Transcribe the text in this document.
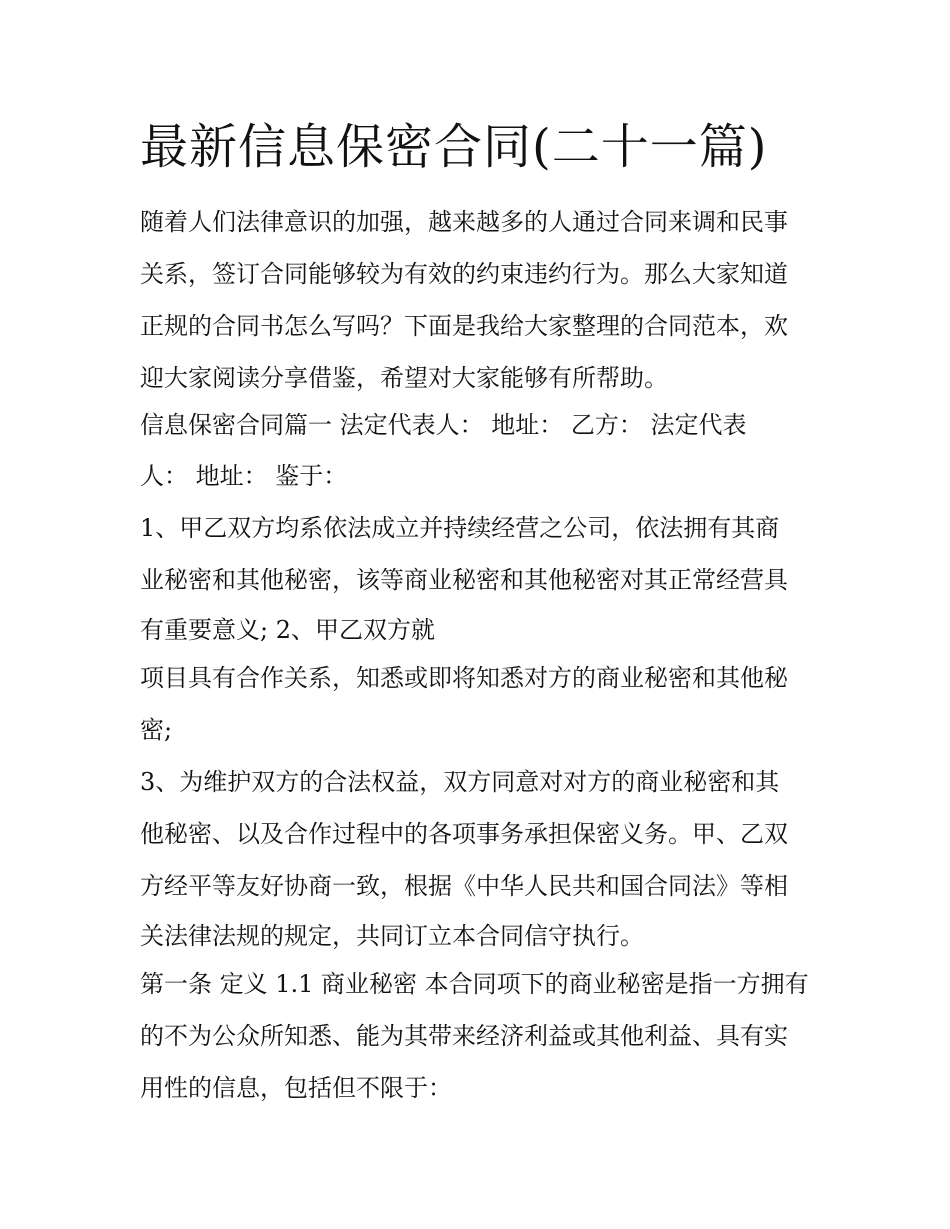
最新信息保密合同(二十一篇)

随着人们法律意识的加强，越来越多的人通过合同来调和民事

关系，签订合同能够较为有效的约束违约行为。那么大家知道

正规的合同书怎么写吗？下面是我给大家整理的合同范本，欢

迎大家阅读分享借鉴，希望对大家能够有所帮助。

信息保密合同篇一 法定代表人： 地址： 乙方： 法定代表

人： 地址： 鉴于：

1、甲乙双方均系依法成立并持续经营之公司，依法拥有其商

业秘密和其他秘密，该等商业秘密和其他秘密对其正常经营具

有重要意义; 2、甲乙双方就

项目具有合作关系，知悉或即将知悉对方的商业秘密和其他秘

密;

3、为维护双方的合法权益，双方同意对对方的商业秘密和其

他秘密、以及合作过程中的各项事务承担保密义务。甲、乙双

方经平等友好协商一致，根据《中华人民共和国合同法》等相

关法律法规的规定，共同订立本合同信守执行。

第一条 定义 1.1 商业秘密 本合同项下的商业秘密是指一方拥有

的不为公众所知悉、能为其带来经济利益或其他利益、具有实

用性的信息，包括但不限于：
